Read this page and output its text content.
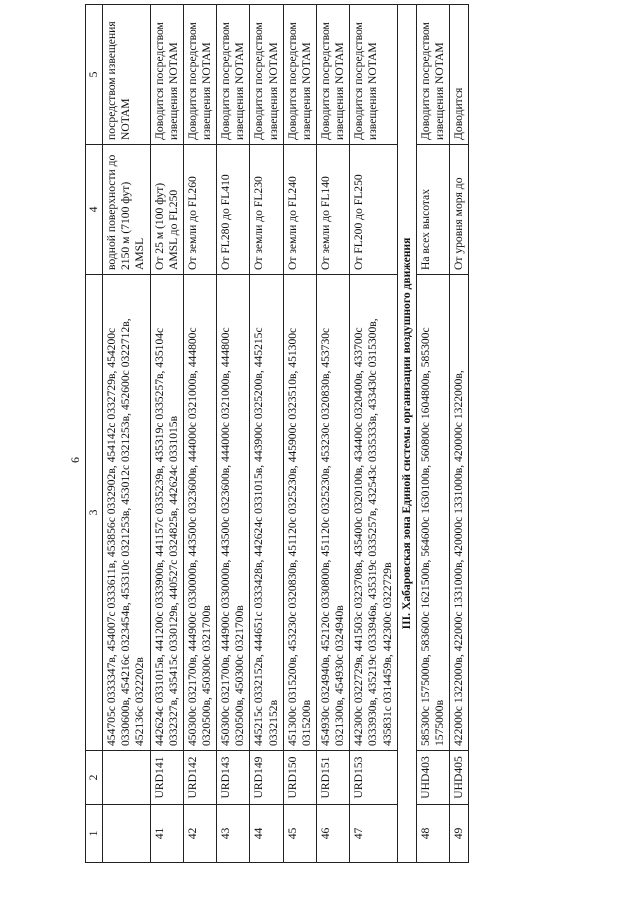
6
1	2	3	4	5
		454705с 0333347в, 454007с 0333611в, 453856с 0332902в, 454142с 0332729в, 454200с 0330600в, 454216с 0323454в, 453310с 0321253в, 453012с 0321253в, 452600с 0322712в, 452136с 0322202в	водной поверхности до 2150 м (7100 фут) AMSL	посредством извещения NOTAM
41	URD141	442624с 0331015в, 441200с 0333900в, 441157с 0335239в, 435319с 0335257в, 435104с 0332327в, 435415с 0330129в, 440527с 0324825в, 442624с 0331015в	От 25 м (100 фут) AMSL до FL250	Доводится посредством извещения NOTAM
42	URD142	450300с 0321700в, 444900с 0330000в, 443500с 0323600в, 444000с 0321000в, 444800с 0320500в, 450300с 0321700в	От земли до FL260	Доводится посредством извещения NOTAM
43	URD143	450300с 0321700в, 444900с 0330000в, 443500с 0323600в, 444000с 0321000в, 444800с 0320500в, 450300с 0321700в	От FL280 до FL410	Доводится посредством извещения NOTAM
44	URD149	445215с 0332152в, 444651с 0333428в, 442624с 0331015в, 443900с 0325200в, 445215с 0332152в	От земли до FL230	Доводится посредством извещения NOTAM
45	URD150	451300с 0315200в, 453230с 0320830в, 451120с 0325230в, 445900с 0323510в, 451300с 0315200в	От земли до FL240	Доводится посредством извещения NOTAM
46	URD151	454930с 0324940в, 452120с 0330800в, 451120с 0325230в, 453230с 0320830в, 453730с 0321300в, 454930с 0324940в	От земли до FL140	Доводится посредством извещения NOTAM
47	URD153	442300с 0322729в, 441503с 0323708в, 435400с 0320100в, 434400с 0320400в, 433700с 0333930в, 435219с 0333946в, 435319с 0335257в, 432543с 0335333в, 433430с 0315300в, 435831с 0314459в, 442300с 0322729в	От FL200 до FL250	Доводится посредством извещения NOTAM
III. Хабаровская зона Единой системы организации воздушного движения				
48	UHD403	585300с 1575000в, 583600с 1621500в, 564600с 1630100в, 560800с 1604800в, 585300с 1575000в	На всех высотах	Доводится посредством извещения NOTAM
49	UHD405	422000с 1322000в, 422000с 1331000в, 420000с 1331000в, 420000с 1322000в,	От уровня моря до	Доводится
